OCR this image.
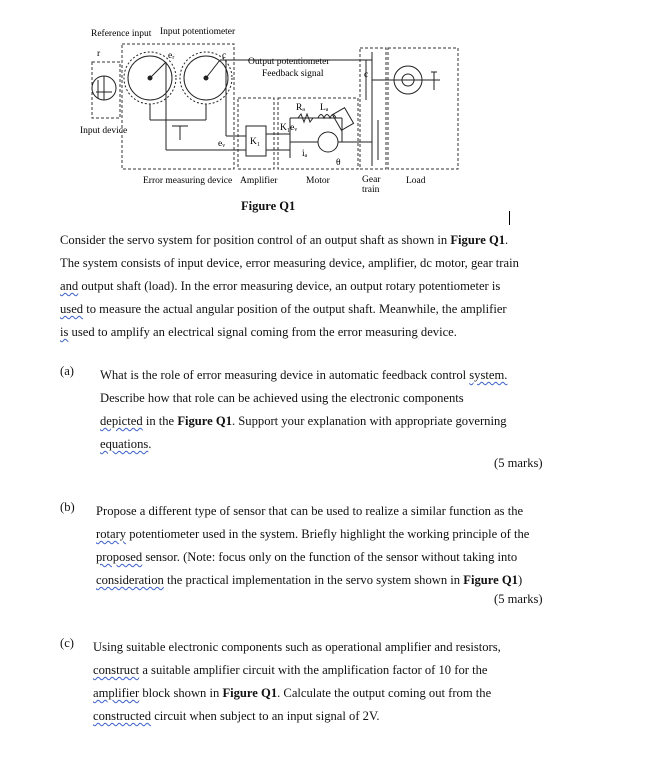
Reference input Input potentiometer
Output potentiometer
Feedback signal
Input device
Error measuring device Amplifier	Motor	Gear
train
Load
K₁
K₁eᵥ
eᵥ
eᵣ	c
θ
Rₐ Lₐ
iₐ
r
c
Figure Q1
Consider the servo system for position control of an output shaft as shown in Figure Q1.
The system consists of input device, error measuring device, amplifier, dc motor, gear train
and output shaft (load). In the error measuring device, an output rotary potentiometer is
used to measure the actual angular position of the output shaft. Meanwhile, the amplifier
is used to amplify an electrical signal coming from the error measuring device.
(a) What is the role of error measuring device in automatic feedback control system.
Describe how that role can be achieved using the electronic components
depicted in the Figure Q1. Support your explanation with appropriate governing
equations.
(5 marks)
(b) Propose a different type of sensor that can be used to realize a similar function as the
rotary potentiometer used in the system. Briefly highlight the working principle of the
proposed sensor. (Note: focus only on the function of the sensor without taking into
consideration the practical implementation in the servo system shown in Figure Q1)
(5 marks)
(c) Using suitable electronic components such as operational amplifier and resistors,
construct a suitable amplifier circuit with the amplification factor of 10 for the
amplifier block shown in Figure Q1. Calculate the output coming out from the
constructed circuit when subject to an input signal of 2V.
